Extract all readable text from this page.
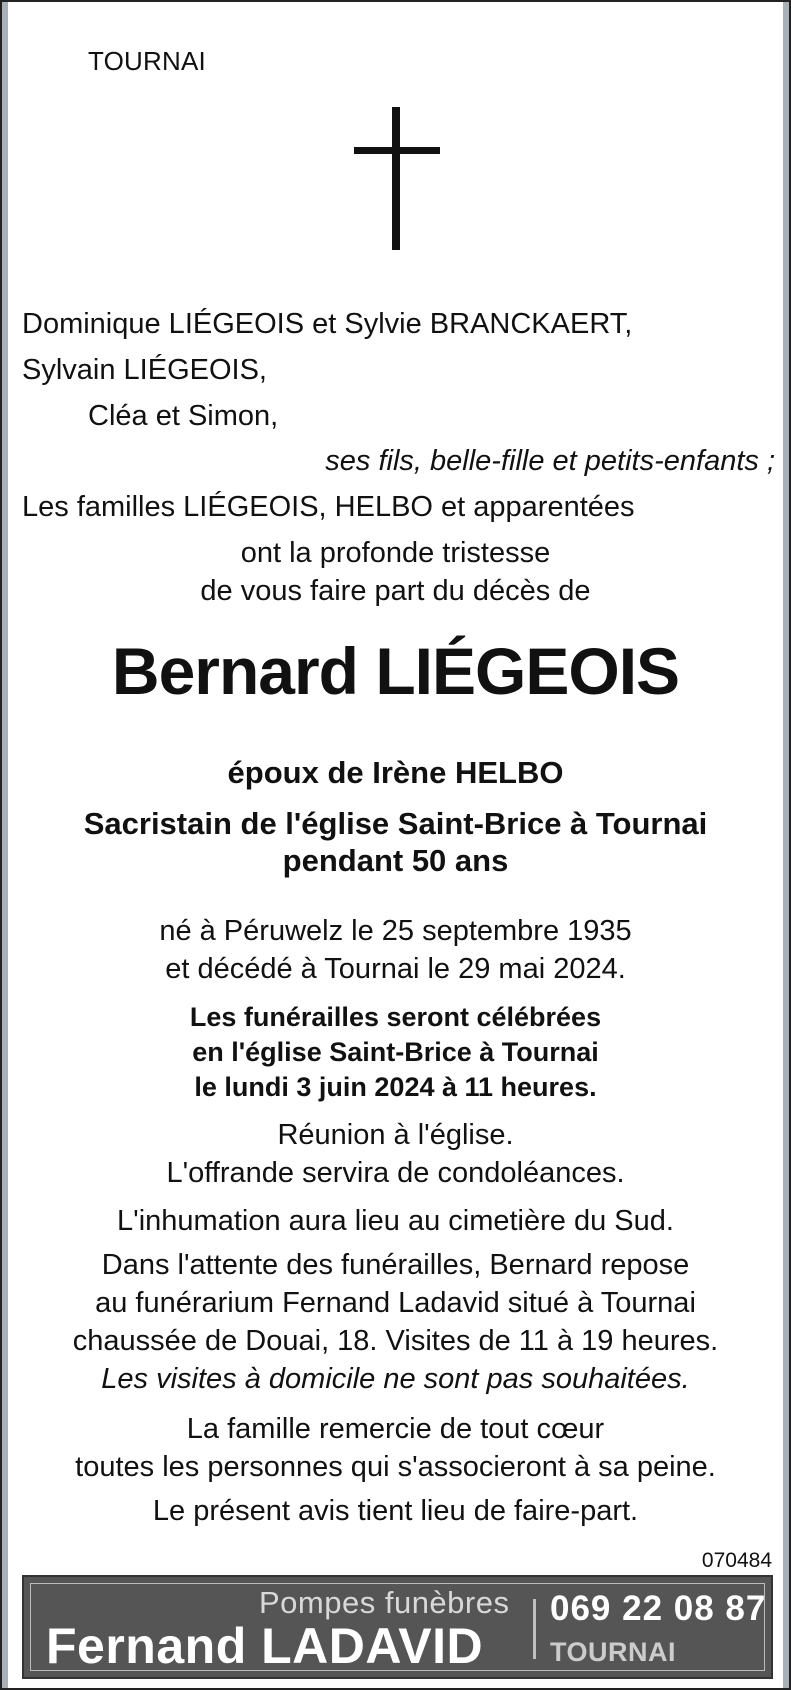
TOURNAI
Dominique LIÉGEOIS et Sylvie BRANCKAERT,
Sylvain LIÉGEOIS,
Cléa et Simon,
ses fils, belle-fille et petits-enfants ;
Les familles LIÉGEOIS, HELBO et apparentées
ont la profonde tristesse
de vous faire part du décès de
Bernard LIÉGEOIS
époux de Irène HELBO
Sacristain de l'église Saint-Brice à Tournai
pendant 50 ans
né à Péruwelz le 25 septembre 1935
et décédé à Tournai le 29 mai 2024.
Les funérailles seront célébrées
en l'église Saint-Brice à Tournai
le lundi 3 juin 2024 à 11 heures.
Réunion à l'église.
L'offrande servira de condoléances.
L'inhumation aura lieu au cimetière du Sud.
Dans l'attente des funérailles, Bernard repose
au funérarium Fernand Ladavid situé à Tournai
chaussée de Douai, 18. Visites de 11 à 19 heures.
Les visites à domicile ne sont pas souhaitées.
La famille remercie de tout cœur
toutes les personnes qui s'associeront à sa peine.
Le présent avis tient lieu de faire-part.
070484
Pompes funèbres
Fernand LADAVID
069 22 08 87
TOURNAI
